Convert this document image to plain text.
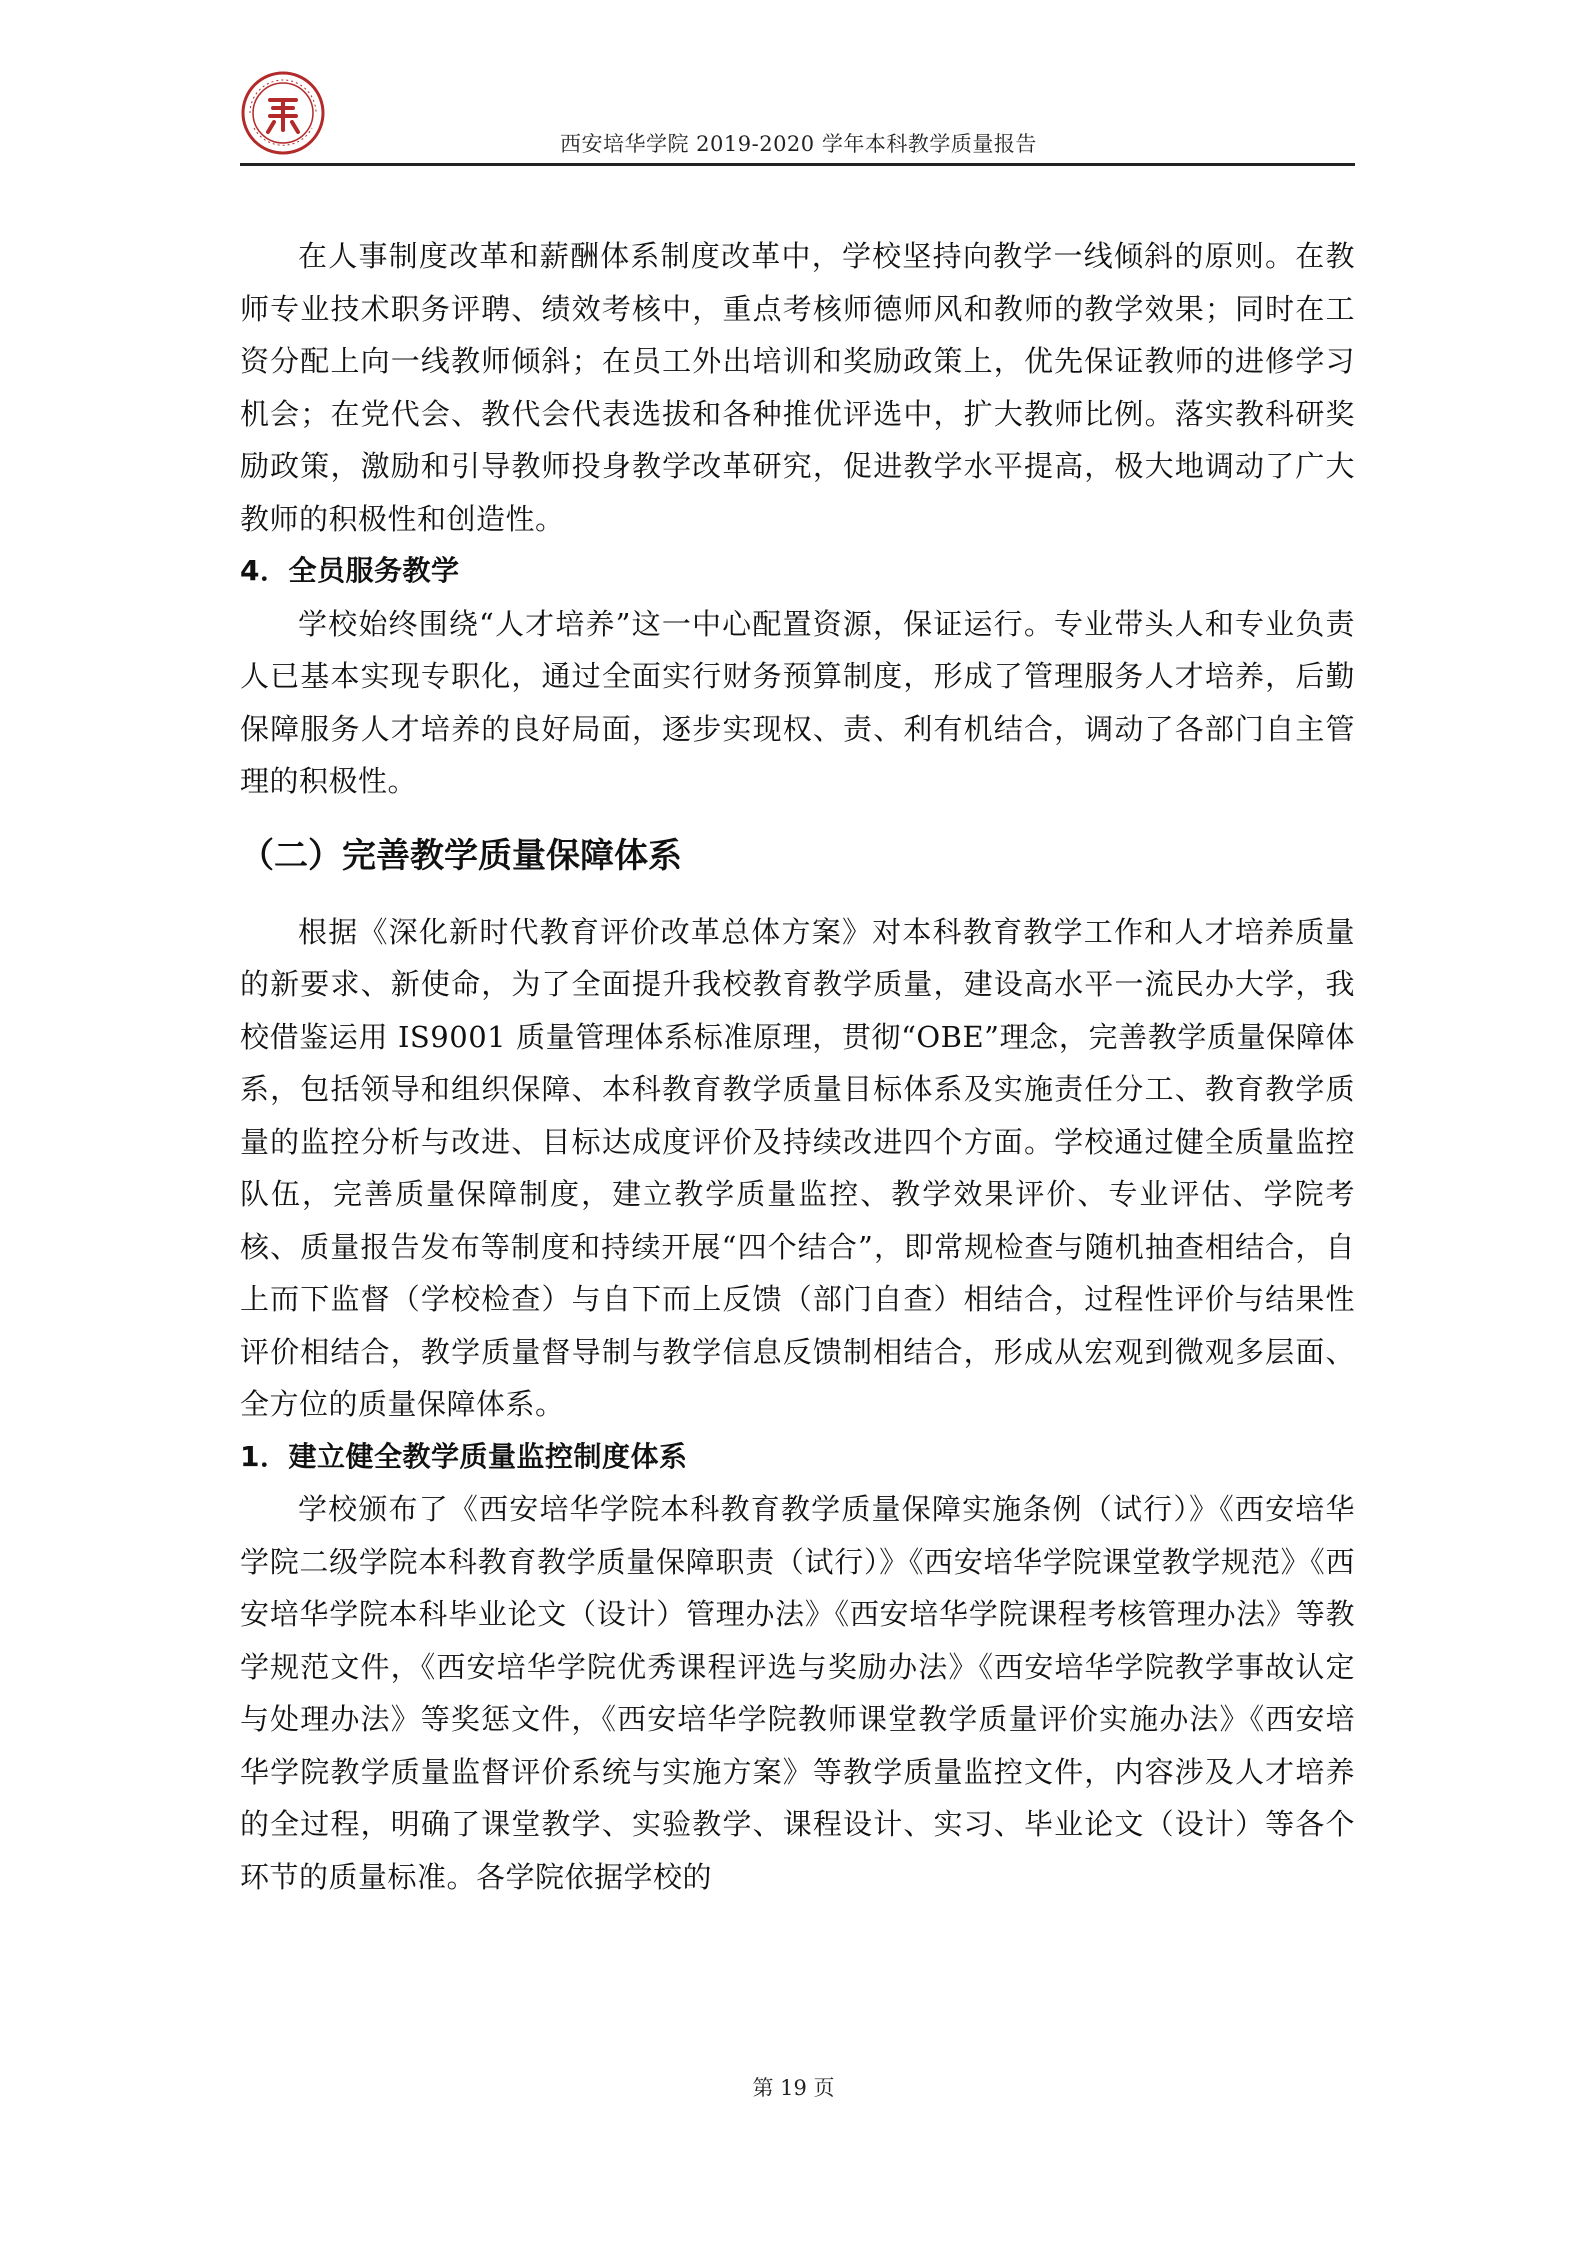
西安培华学院 2019-2020 学年本科教学质量报告

在人事制度改革和薪酬体系制度改革中，学校坚持向教学一线倾斜的原则。在教师专业技术职务评聘、绩效考核中，重点考核师德师风和教师的教学效果；同时在工资分配上向一线教师倾斜；在员工外出培训和奖励政策上，优先保证教师的进修学习机会；在党代会、教代会代表选拔和各种推优评选中，扩大教师比例。落实教科研奖励政策，激励和引导教师投身教学改革研究，促进教学水平提高，极大地调动了广大教师的积极性和创造性。

4．全员服务教学

学校始终围绕“人才培养”这一中心配置资源，保证运行。专业带头人和专业负责人已基本实现专职化，通过全面实行财务预算制度，形成了管理服务人才培养，后勤保障服务人才培养的良好局面，逐步实现权、责、利有机结合，调动了各部门自主管理的积极性。

（二）完善教学质量保障体系

根据《深化新时代教育评价改革总体方案》对本科教育教学工作和人才培养质量的新要求、新使命，为了全面提升我校教育教学质量，建设高水平一流民办大学，我校借鉴运用 IS9001 质量管理体系标准原理，贯彻“OBE”理念，完善教学质量保障体系，包括领导和组织保障、本科教育教学质量目标体系及实施责任分工、教育教学质量的监控分析与改进、目标达成度评价及持续改进四个方面。学校通过健全质量监控队伍，完善质量保障制度，建立教学质量监控、教学效果评价、专业评估、学院考核、质量报告发布等制度和持续开展“四个结合”，即常规检查与随机抽查相结合，自上而下监督（学校检查）与自下而上反馈（部门自查）相结合，过程性评价与结果性评价相结合，教学质量督导制与教学信息反馈制相结合，形成从宏观到微观多层面、全方位的质量保障体系。

1．建立健全教学质量监控制度体系

学校颁布了《西安培华学院本科教育教学质量保障实施条例（试行）》《西安培华学院二级学院本科教育教学质量保障职责（试行）》《西安培华学院课堂教学规范》《西安培华学院本科毕业论文（设计）管理办法》《西安培华学院课程考核管理办法》等教学规范文件，《西安培华学院优秀课程评选与奖励办法》《西安培华学院教学事故认定与处理办法》等奖惩文件，《西安培华学院教师课堂教学质量评价实施办法》《西安培华学院教学质量监督评价系统与实施方案》等教学质量监控文件，内容涉及人才培养的全过程，明确了课堂教学、实验教学、课程设计、实习、毕业论文（设计）等各个环节的质量标准。各学院依据学校的

第 19 页
